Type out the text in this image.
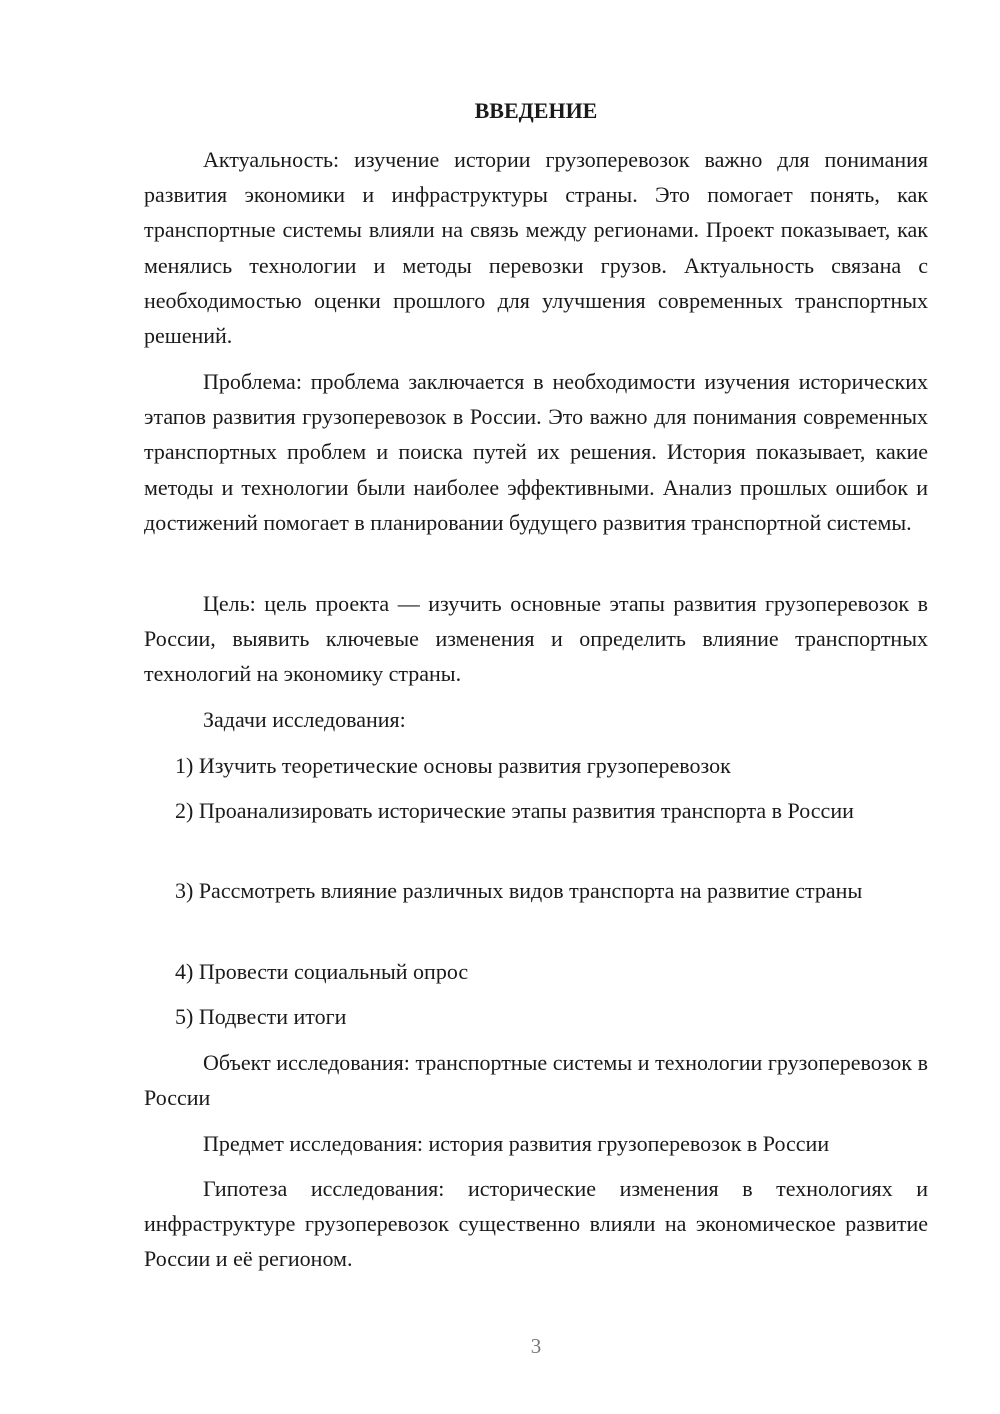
ВВЕДЕНИЕ

Актуальность: изучение истории грузоперевозок важно для понимания развития экономики и инфраструктуры страны. Это помогает понять, как транспортные системы влияли на связь между регионами. Проект показывает, как менялись технологии и методы перевозки грузов. Актуальность связана с необходимостью оценки прошлого для улучшения современных транспортных решений.

Проблема: проблема заключается в необходимости изучения исторических этапов развития грузоперевозок в России. Это важно для понимания современных транспортных проблем и поиска путей их решения. История показывает, какие методы и технологии были наиболее эффективными. Анализ прошлых ошибок и достижений помогает в планировании будущего развития транспортной системы.

Цель: цель проекта — изучить основные этапы развития грузоперевозок в России, выявить ключевые изменения и определить влияние транспортных технологий на экономику страны.

Задачи исследования:

1) Изучить теоретические основы развития грузоперевозок

2) Проанализировать исторические этапы развития транспорта в России

3) Рассмотреть влияние различных видов транспорта на развитие страны

4) Провести социальный опрос

5) Подвести итоги

Объект исследования: транспортные системы и технологии грузоперевозок в России

Предмет исследования: история развития грузоперевозок в России

Гипотеза исследования: исторические изменения в технологиях и инфраструктуре грузоперевозок существенно влияли на экономическое развитие России и её регионом.

3
